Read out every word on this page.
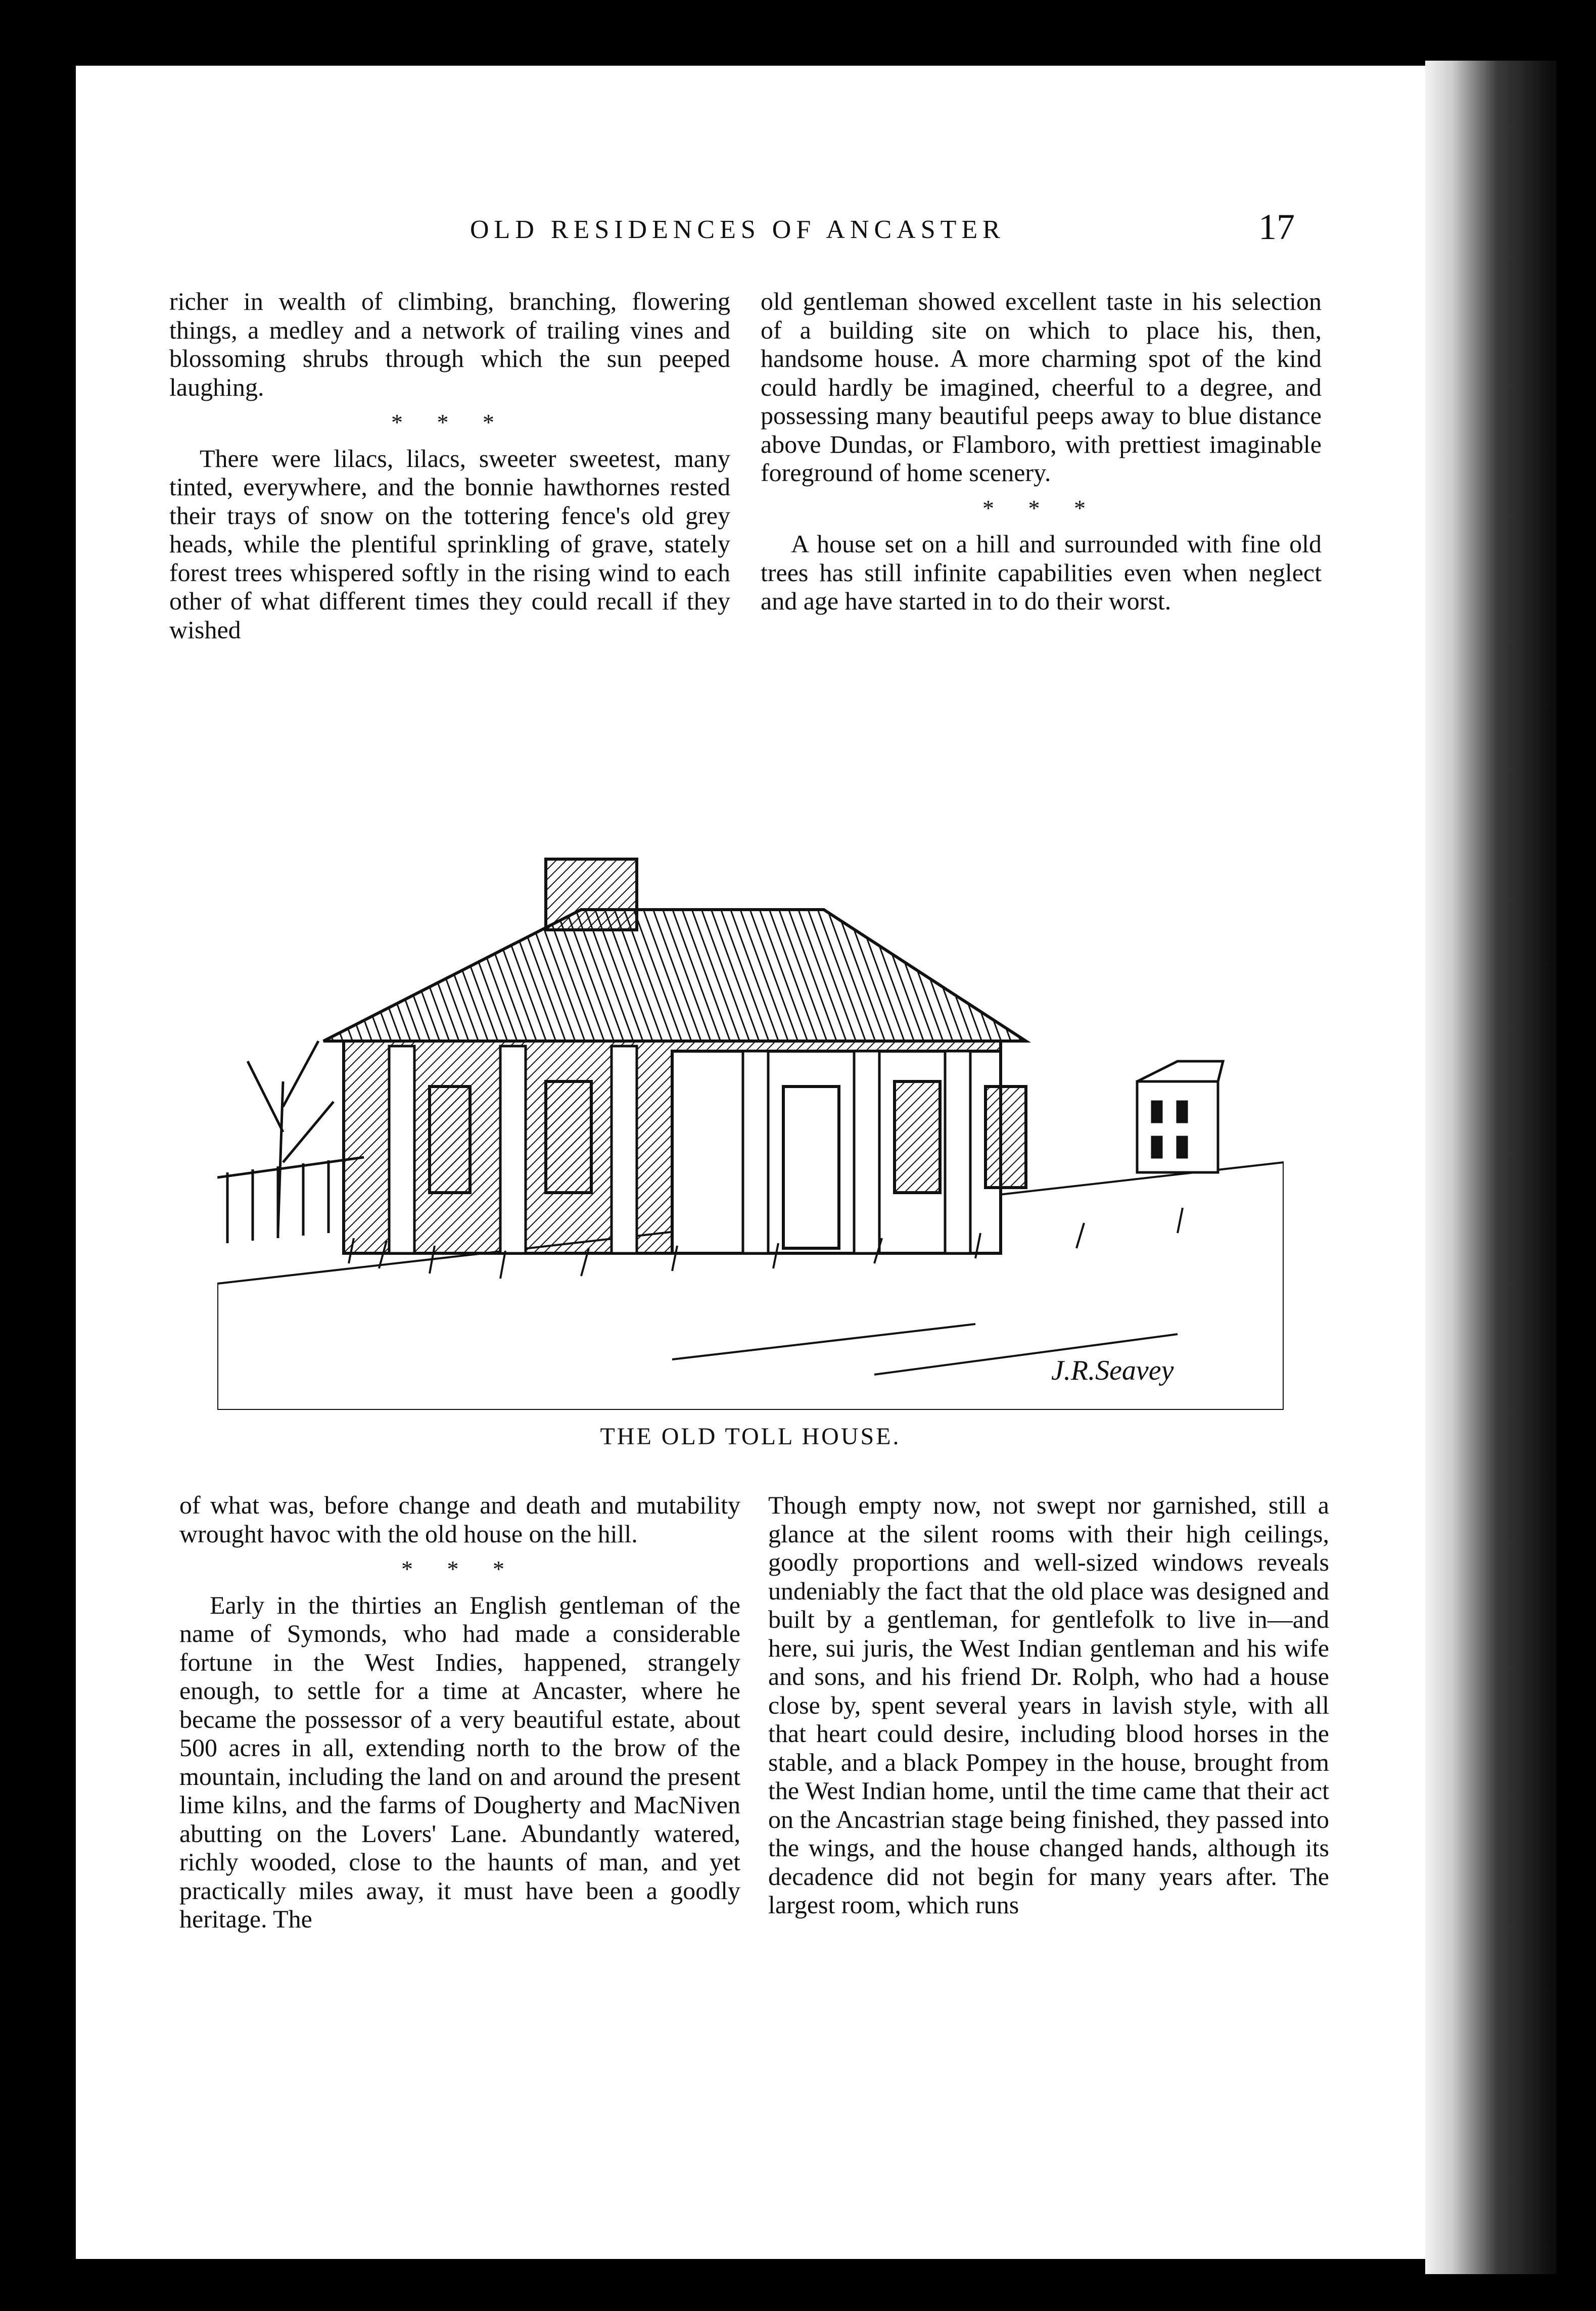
OLD RESIDENCES OF ANCASTER	17

richer in wealth of climbing, branching, flowering things, a medley and a network of trailing vines and blossoming shrubs through which the sun peeped laughing.

* * *

There were lilacs, lilacs, sweeter sweetest, many tinted, everywhere, and the bonnie hawthornes rested their trays of snow on the tottering fence's old grey heads, while the plentiful sprinkling of grave, stately forest trees whispered softly in the rising wind to each other of what different times they could recall if they wished

old gentleman showed excellent taste in his selection of a building site on which to place his, then, handsome house. A more charming spot of the kind could hardly be imagined, cheerful to a degree, and possessing many beautiful peeps away to blue distance above Dundas, or Flamboro, with prettiest imaginable foreground of home scenery.

* * *

A house set on a hill and surrounded with fine old trees has still infinite capabilities even when neglect and age have started in to do their worst.

J.R.Seavey
THE OLD TOLL HOUSE.

of what was, before change and death and mutability wrought havoc with the old house on the hill.

* * *

Early in the thirties an English gentleman of the name of Symonds, who had made a considerable fortune in the West Indies, happened, strangely enough, to settle for a time at Ancaster, where he became the possessor of a very beautiful estate, about 500 acres in all, extending north to the brow of the mountain, including the land on and around the present lime kilns, and the farms of Dougherty and MacNiven abutting on the Lovers' Lane. Abundantly watered, richly wooded, close to the haunts of man, and yet practically miles away, it must have been a goodly heritage. The

Though empty now, not swept nor garnished, still a glance at the silent rooms with their high ceilings, goodly proportions and well-sized windows reveals undeniably the fact that the old place was designed and built by a gentleman, for gentlefolk to live in—and here, sui juris, the West Indian gentleman and his wife and sons, and his friend Dr. Rolph, who had a house close by, spent several years in lavish style, with all that heart could desire, including blood horses in the stable, and a black Pompey in the house, brought from the West Indian home, until the time came that their act on the Ancastrian stage being finished, they passed into the wings, and the house changed hands, although its decadence did not begin for many years after. The largest room, which runs
